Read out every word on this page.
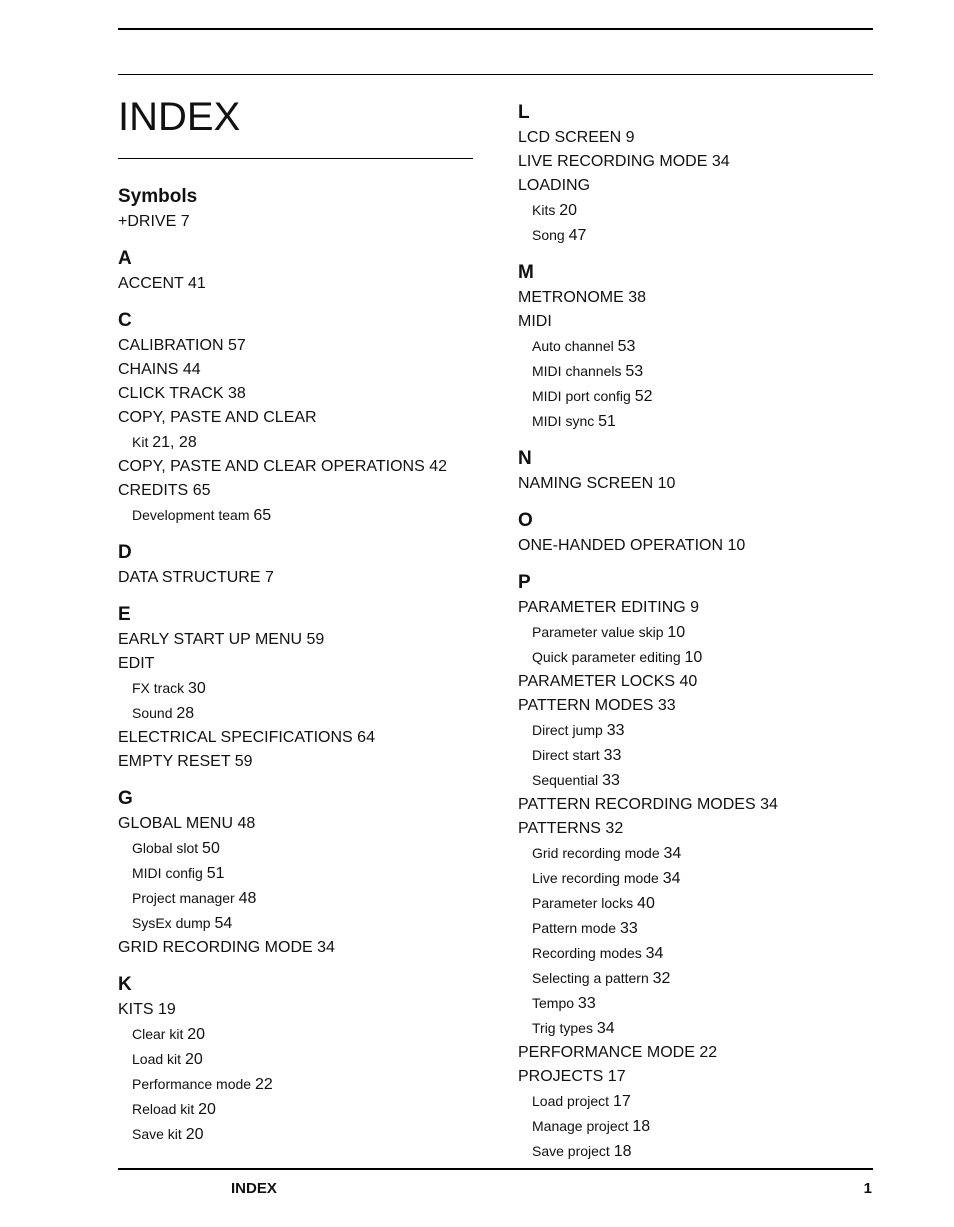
INDEX
Symbols
+DRIVE 7
A
ACCENT 41
C
CALIBRATION 57
CHAINS 44
CLICK TRACK 38
COPY, PASTE AND CLEAR
Kit 21, 28
COPY, PASTE AND CLEAR OPERATIONS 42
CREDITS 65
Development team 65
D
DATA STRUCTURE 7
E
EARLY START UP MENU 59
EDIT
FX track 30
Sound 28
ELECTRICAL SPECIFICATIONS 64
EMPTY RESET 59
G
GLOBAL MENU 48
Global slot 50
MIDI config 51
Project manager 48
SysEx dump 54
GRID RECORDING MODE 34
K
KITS 19
Clear kit 20
Load kit 20
Performance mode 22
Reload kit 20
Save kit 20
L
LCD SCREEN 9
LIVE RECORDING MODE 34
LOADING
Kits 20
Song 47
M
METRONOME 38
MIDI
Auto channel 53
MIDI channels 53
MIDI port config 52
MIDI sync 51
N
NAMING SCREEN 10
O
ONE-HANDED OPERATION 10
P
PARAMETER EDITING 9
Parameter value skip 10
Quick parameter editing 10
PARAMETER LOCKS 40
PATTERN MODES 33
Direct jump 33
Direct start 33
Sequential 33
PATTERN RECORDING MODES 34
PATTERNS 32
Grid recording mode 34
Live recording mode 34
Parameter locks 40
Pattern mode 33
Recording modes 34
Selecting a pattern 32
Tempo 33
Trig types 34
PERFORMANCE MODE 22
PROJECTS 17
Load project 17
Manage project 18
Save project 18
INDEX	1
